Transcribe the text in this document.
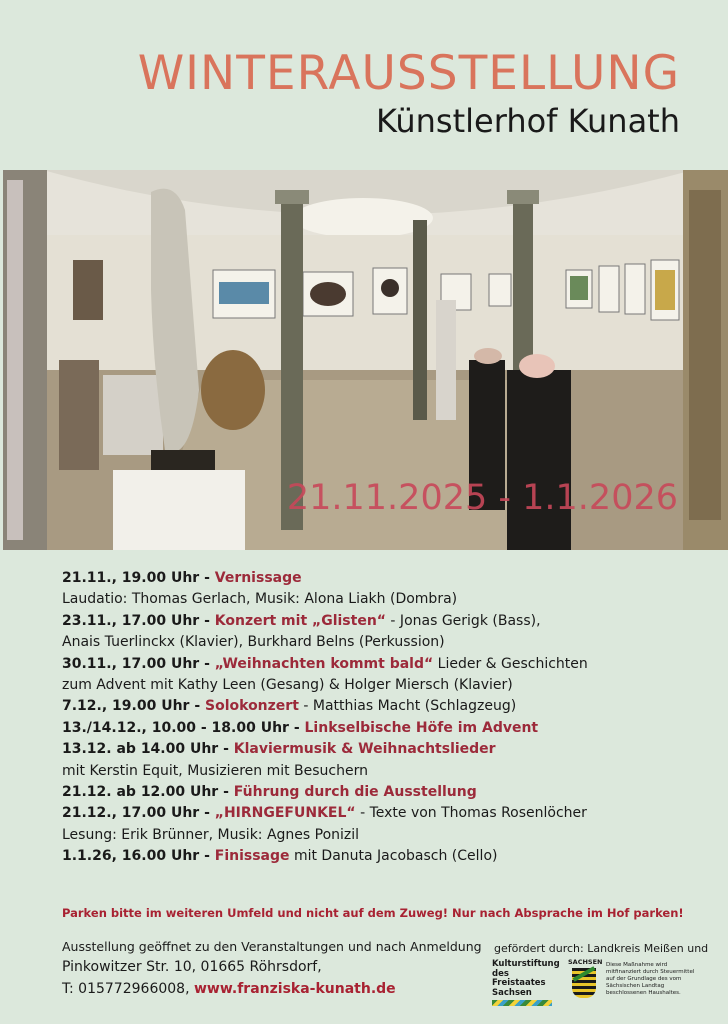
WINTERAUSSTELLUNG
Künstlerhof Kunath
21.11.2025 - 1.1.2026
21.11., 19.00 Uhr - Vernissage
Laudatio: Thomas Gerlach, Musik: Alona Liakh (Dombra)
23.11., 17.00 Uhr - Konzert mit „Glisten“ - Jonas Gerigk (Bass),
Anais Tuerlinckx (Klavier), Burkhard Belns (Perkussion)
30.11., 17.00 Uhr - „Weihnachten kommt bald“ Lieder & Geschichten
zum Advent mit Kathy Leen (Gesang) & Holger Miersch (Klavier)
7.12., 19.00 Uhr - Solokonzert - Matthias Macht (Schlagzeug)
13./14.12., 10.00 - 18.00 Uhr - Linkselbische Höfe im Advent
13.12. ab 14.00 Uhr - Klaviermusik & Weihnachtslieder
mit Kerstin Equit, Musizieren mit Besuchern
21.12. ab 12.00 Uhr - Führung durch die Ausstellung
21.12., 17.00 Uhr - „HIRNGEFUNKEL“ - Texte von Thomas Rosenlöcher
Lesung: Erik Brünner, Musik: Agnes Ponizil
1.1.26, 16.00 Uhr - Finissage mit Danuta Jacobasch (Cello)
Parken bitte im weiteren Umfeld und nicht auf dem Zuweg! Nur nach Absprache im Hof parken!
Ausstellung geöffnet zu den Veranstaltungen und nach Anmeldung
Pinkowitzer Str. 10, 01665 Röhrsdorf,
T: 015772966008, www.franziska-kunath.de
gefördert durch: Landkreis Meißen und
Kulturstiftung
des
Freistaates
Sachsen
SACHSEN Diese Maßnahme wird mitfinanziert durch Steuermittel auf der Grundlage des vom Sächsischen Landtag beschlossenen Haushaltes.
